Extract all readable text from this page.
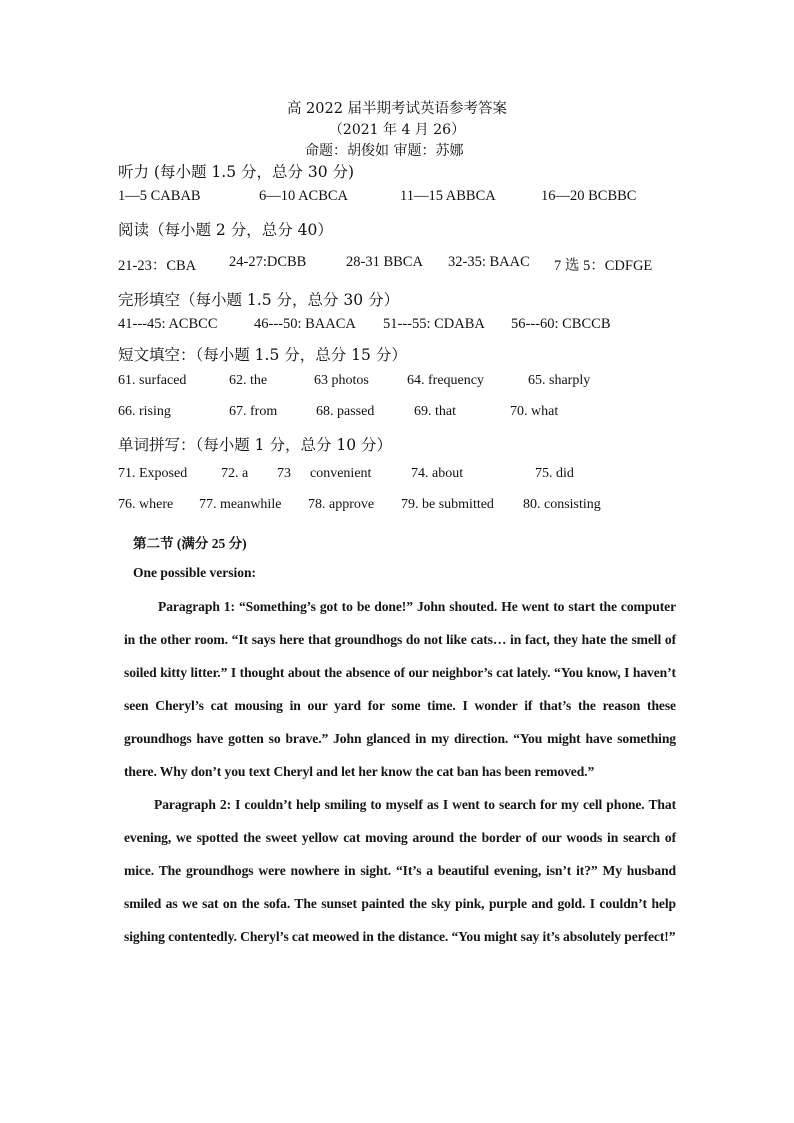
高 2022 届半期考试英语参考答案
（2021 年 4 月 26）
命题：胡俊如 审题：苏娜
听力 (每小题 1.5 分，总分 30 分)
1—5 CABAB	6—10 ACBCA	11—15 ABBCA	16—20 BCBBC
阅读（每小题 2 分，总分 40）
21-23：CBA 24-27:DCBB	28-31 BBCA 32-35: BAAC 7 选 5：CDFGE
完形填空（每小题 1.5 分，总分 30 分）
41---45: ACBCC	46---50: BAACA 51---55: CDABA 56---60: CBCCB
短文填空：（每小题 1.5 分，总分 15 分）
61. surfaced	62. the	63 photos	64. frequency	65. sharply
66. rising	67. from	68. passed	69. that	70. what
单词拼写：（每小题 1 分，总分 10 分）
71. Exposed 72. a 73 convenient	74. about	75. did
76. where 77. meanwhile 78. approve 79. be submitted 80. consisting
第二节 (满分 25 分)
One possible version:
Paragraph 1: “Something’s got to be done!” John shouted. He went to start the computer in the other room. “It says here that groundhogs do not like cats… in fact, they hate the smell of soiled kitty litter.” I thought about the absence of our neighbor’s cat lately. “You know, I haven’t seen Cheryl’s cat mousing in our yard for some time. I wonder if that’s the reason these groundhogs have gotten so brave.” John glanced in my direction. “You might have something there. Why don’t you text Cheryl and let her know the cat ban has been removed.”
Paragraph 2: I couldn’t help smiling to myself as I went to search for my cell phone. That evening, we spotted the sweet yellow cat moving around the border of our woods in search of mice. The groundhogs were nowhere in sight. “It’s a beautiful evening, isn’t it?” My husband smiled as we sat on the sofa. The sunset painted the sky pink, purple and gold. I couldn’t help sighing contentedly. Cheryl’s cat meowed in the distance. “You might say it’s absolutely perfect!”
